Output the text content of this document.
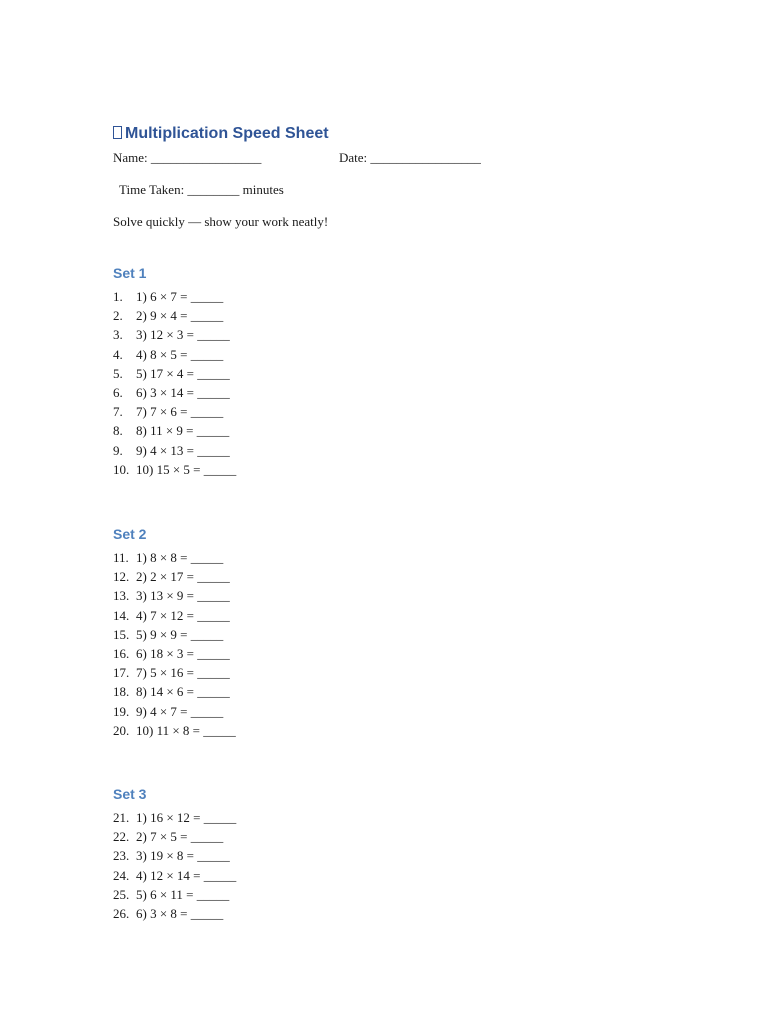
Multiplication Speed Sheet
Name: _________________	Date: _________________
Time Taken: ________ minutes
Solve quickly — show your work neatly!
Set 1
1. 1) 6 × 7 = _____
2. 2) 9 × 4 = _____
3. 3) 12 × 3 = _____
4. 4) 8 × 5 = _____
5. 5) 17 × 4 = _____
6. 6) 3 × 14 = _____
7. 7) 7 × 6 = _____
8. 8) 11 × 9 = _____
9. 9) 4 × 13 = _____
10. 10) 15 × 5 = _____
Set 2
11. 1) 8 × 8 = _____
12. 2) 2 × 17 = _____
13. 3) 13 × 9 = _____
14. 4) 7 × 12 = _____
15. 5) 9 × 9 = _____
16. 6) 18 × 3 = _____
17. 7) 5 × 16 = _____
18. 8) 14 × 6 = _____
19. 9) 4 × 7 = _____
20. 10) 11 × 8 = _____
Set 3
21. 1) 16 × 12 = _____
22. 2) 7 × 5 = _____
23. 3) 19 × 8 = _____
24. 4) 12 × 14 = _____
25. 5) 6 × 11 = _____
26. 6) 3 × 8 = _____
